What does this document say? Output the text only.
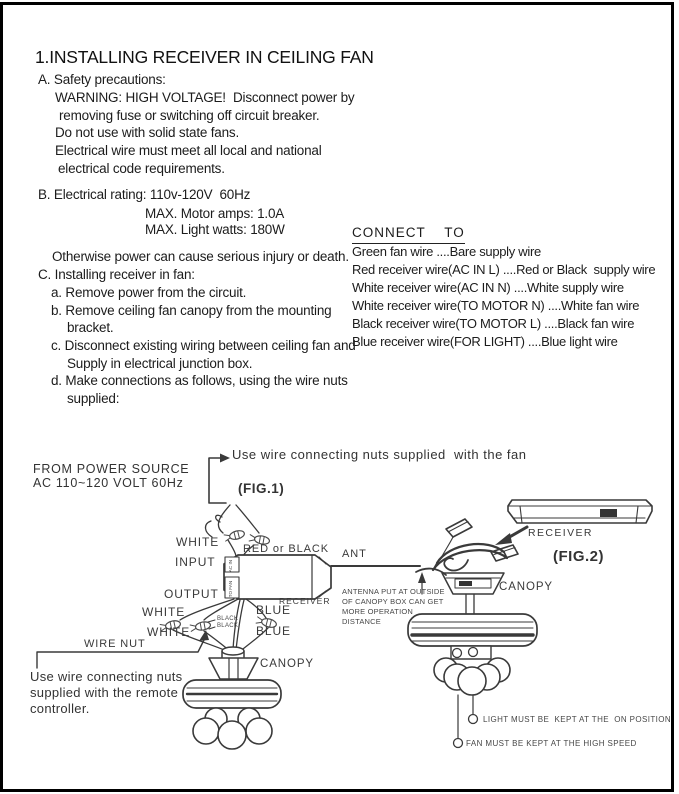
1.INSTALLING RECEIVER IN CEILING FAN
A. Safety precautions:
WARNING: HIGH VOLTAGE!  Disconnect power by
removing fuse or switching off circuit breaker.
Do not use with solid state fans.
Electrical wire must meet all local and national
electrical code requirements.
B. Electrical rating: 110v-120V  60Hz
MAX. Motor amps: 1.0A
MAX. Light watts: 180W
Otherwise power can cause serious injury or death.
C. Installing receiver in fan:
a. Remove power from the circuit.
b. Remove ceiling fan canopy from the mounting
bracket.
c. Disconnect existing wiring between ceiling fan and
Supply in electrical junction box.
d. Make connections as follows, using the wire nuts
supplied:
CONNECT    TO
Green fan wire ....Bare supply wire
Red receiver wire(AC IN L) ....Red or Black  supply wire
White receiver wire(AC IN N) ....White supply wire
White receiver wire(TO MOTOR N) ....White fan wire
Black receiver wire(TO MOTOR L) ....Black fan wire
Blue receiver wire(FOR LIGHT) ....Blue light wire
AC IN
TO FAN
FROM POWER SOURCE
AC 110~120 VOLT 60Hz
Use wire connecting nuts supplied  with the fan
(FIG.1)
WHITE RED or BLACK
INPUT
ANT
RECEIVER
OUTPUT
WHITE	BLUE
BLACK
BLACK
WHITE	BLUE
WIRE NUT
CANOPY
Use wire connecting nuts
supplied with the remote
controller.
RECEIVER
(FIG.2)
CANOPY
ANTENNA PUT AT OUTSIDE
OF CANOPY BOX CAN GET
MORE OPERATION
DISTANCE
LIGHT MUST BE  KEPT AT THE  ON POSITION
FAN MUST BE KEPT AT THE HIGH SPEED
